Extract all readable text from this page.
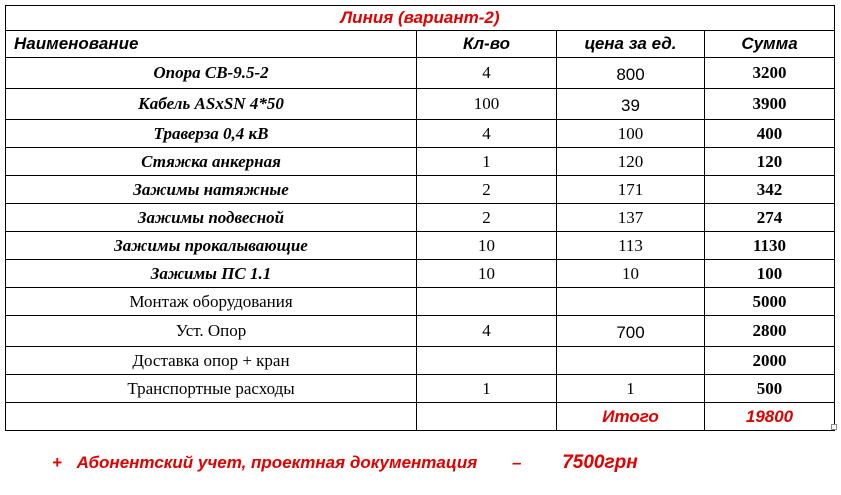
Линия (вариант-2)			
Наименование	Кл-во	цена за ед.	Сумма
Опора СВ-9.5-2	4	800	3200
Кабель ASxSN 4*50	100	39	3900
Траверза 0,4 кВ	4	100	400
Стяжка анкерная	1	120	120
Зажимы натяжные	2	171	342
Зажимы подвесной	2	137	274
Зажимы прокалывающие	10	113	1130
Зажимы ПС 1.1	10	10	100
Монтаж оборудования			5000
Уст. Опор	4	700	2800
Доставка опор + кран			2000
Транспортные расходы	1	1	500
		Итого	19800
+ Абонентский учет, проектная документация – 7500грн
